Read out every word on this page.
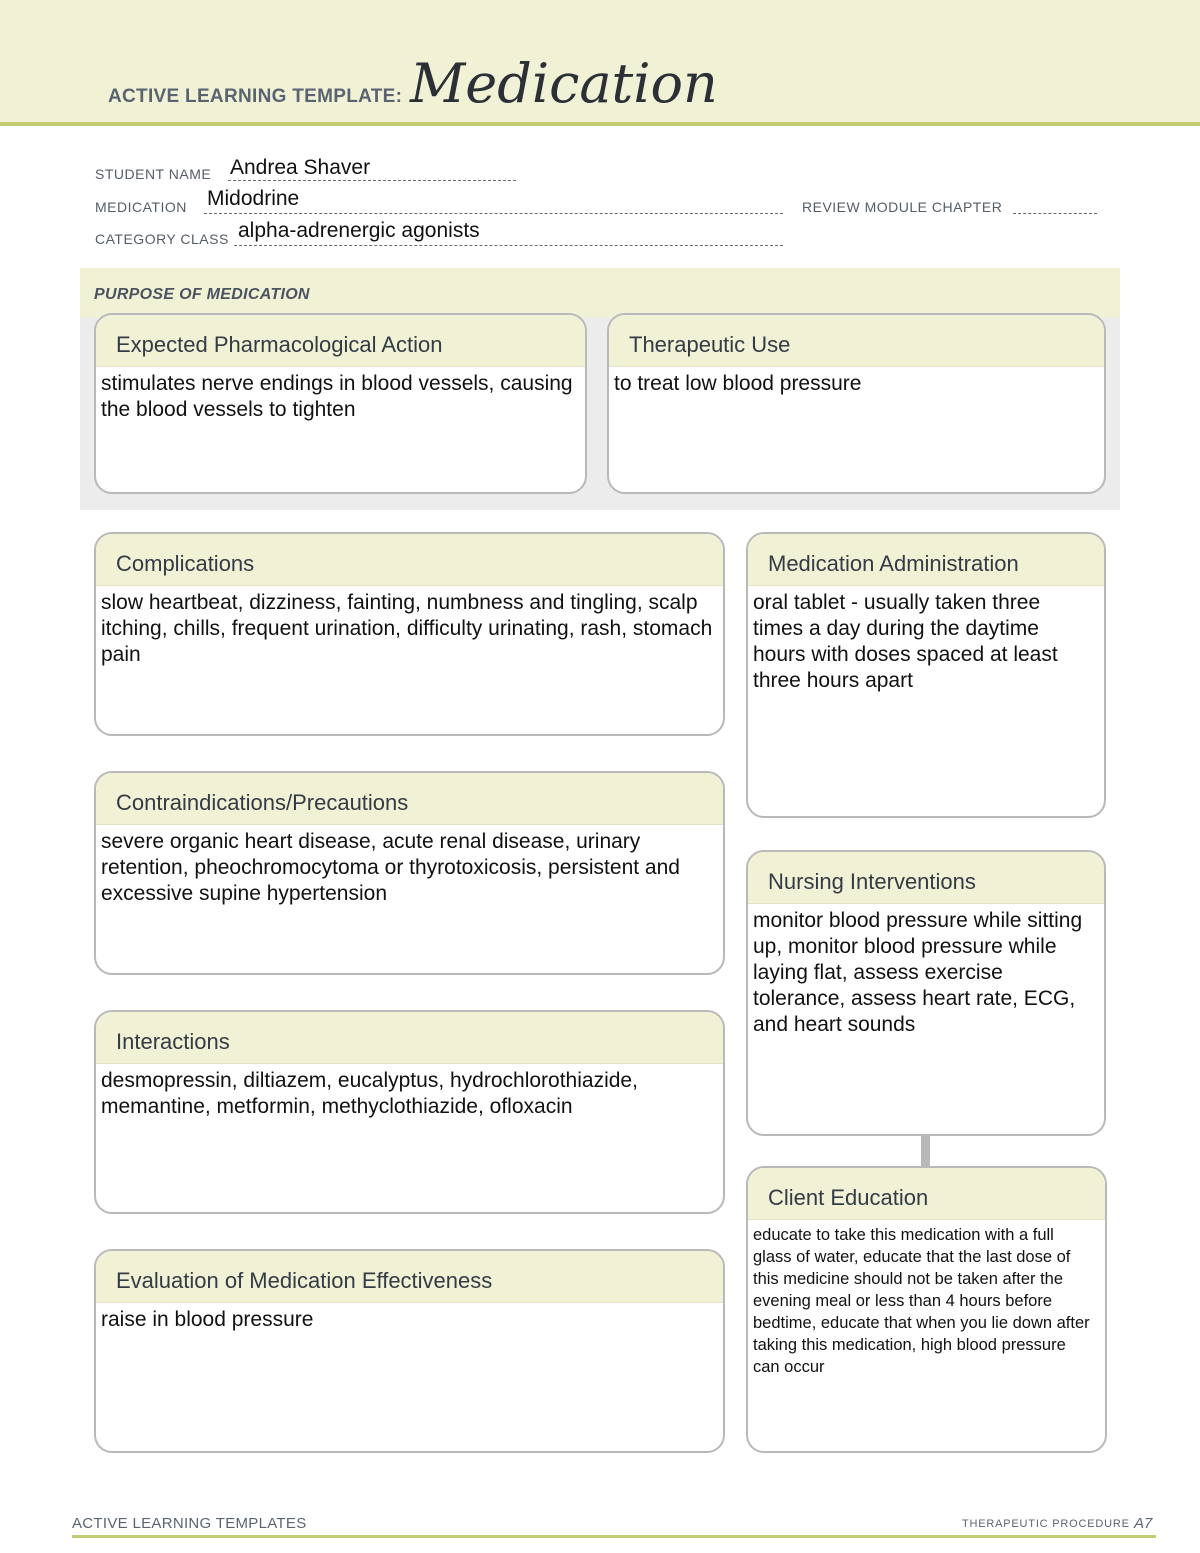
ACTIVE LEARNING TEMPLATE: Medication
STUDENT NAME Andrea Shaver
MEDICATION Midodrine	REVIEW MODULE CHAPTER
CATEGORY CLASS alpha-adrenergic agonists
PURPOSE OF MEDICATION
Expected Pharmacological Action
stimulates nerve endings in blood vessels, causing the blood vessels to tighten
Therapeutic Use
to treat low blood pressure
Complications
slow heartbeat, dizziness, fainting, numbness and tingling, scalp itching, chills, frequent urination, difficulty urinating, rash, stomach pain
Contraindications/Precautions
severe organic heart disease, acute renal disease, urinary retention, pheochromocytoma or thyrotoxicosis, persistent and excessive supine hypertension
Interactions
desmopressin, diltiazem, eucalyptus, hydrochlorothiazide, memantine, metformin, methyclothiazide, ofloxacin
Evaluation of Medication Effectiveness
raise in blood pressure
Medication Administration
oral tablet - usually taken three times a day during the daytime hours with doses spaced at least three hours apart
Nursing Interventions
monitor blood pressure while sitting up, monitor blood pressure while laying flat, assess exercise tolerance, assess heart rate, ECG, and heart sounds
Client Education
educate to take this medication with a full glass of water, educate that the last dose of this medicine should not be taken after the evening meal or less than 4 hours before bedtime, educate that when you lie down after taking this medication, high blood pressure can occur
ACTIVE LEARNING TEMPLATES	THERAPEUTIC PROCEDURE A7
